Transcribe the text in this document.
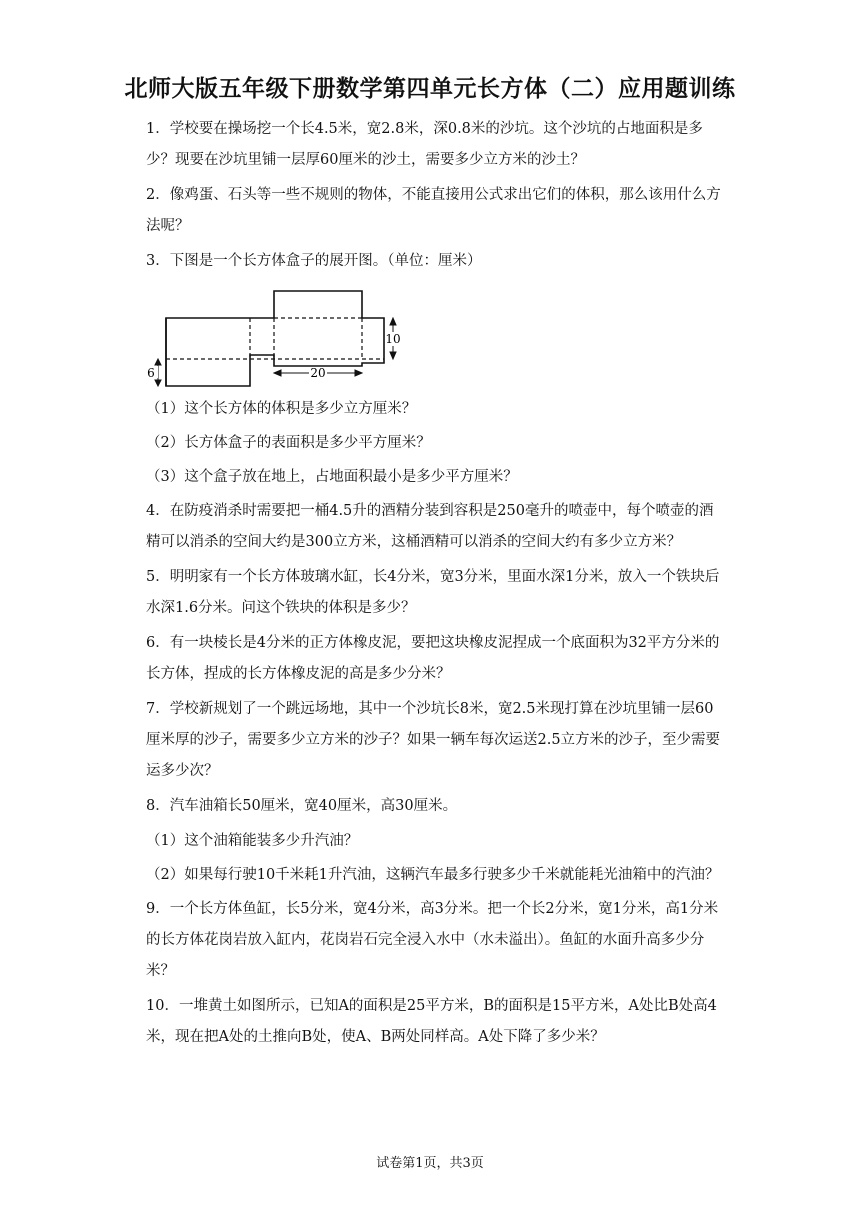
北师大版五年级下册数学第四单元长方体（二）应用题训练

1．学校要在操场挖一个长4.5米，宽2.8米，深0.8米的沙坑。这个沙坑的占地面积是多少？现要在沙坑里铺一层厚60厘米的沙土，需要多少立方米的沙土？

2．像鸡蛋、石头等一些不规则的物体，不能直接用公式求出它们的体积，那么该用什么方法呢？

3．下图是一个长方体盒子的展开图。（单位：厘米）

10
20
6

（1）这个长方体的体积是多少立方厘米？

（2）长方体盒子的表面积是多少平方厘米？

（3）这个盒子放在地上，占地面积最小是多少平方厘米？

4．在防疫消杀时需要把一桶4.5升的酒精分装到容积是250毫升的喷壶中，每个喷壶的酒精可以消杀的空间大约是300立方米，这桶酒精可以消杀的空间大约有多少立方米？

5．明明家有一个长方体玻璃水缸，长4分米，宽3分米，里面水深1分米，放入一个铁块后水深1.6分米。问这个铁块的体积是多少？

6．有一块棱长是4分米的正方体橡皮泥，要把这块橡皮泥捏成一个底面积为32平方分米的长方体，捏成的长方体橡皮泥的高是多少分米？

7．学校新规划了一个跳远场地，其中一个沙坑长8米，宽2.5米现打算在沙坑里铺一层60厘米厚的沙子，需要多少立方米的沙子？如果一辆车每次运送2.5立方米的沙子，至少需要运多少次？

8．汽车油箱长50厘米，宽40厘米，高30厘米。

（1）这个油箱能装多少升汽油？

（2）如果每行驶10千米耗1升汽油，这辆汽车最多行驶多少千米就能耗光油箱中的汽油？

9．一个长方体鱼缸，长5分米，宽4分米，高3分米。把一个长2分米，宽1分米，高1分米的长方体花岗岩放入缸内，花岗岩石完全浸入水中（水未溢出）。鱼缸的水面升高多少分米？

10．一堆黄土如图所示，已知A的面积是25平方米，B的面积是15平方米，A处比B处高4米，现在把A处的土推向B处，使A、B两处同样高。A处下降了多少米？

试卷第1页，共3页
